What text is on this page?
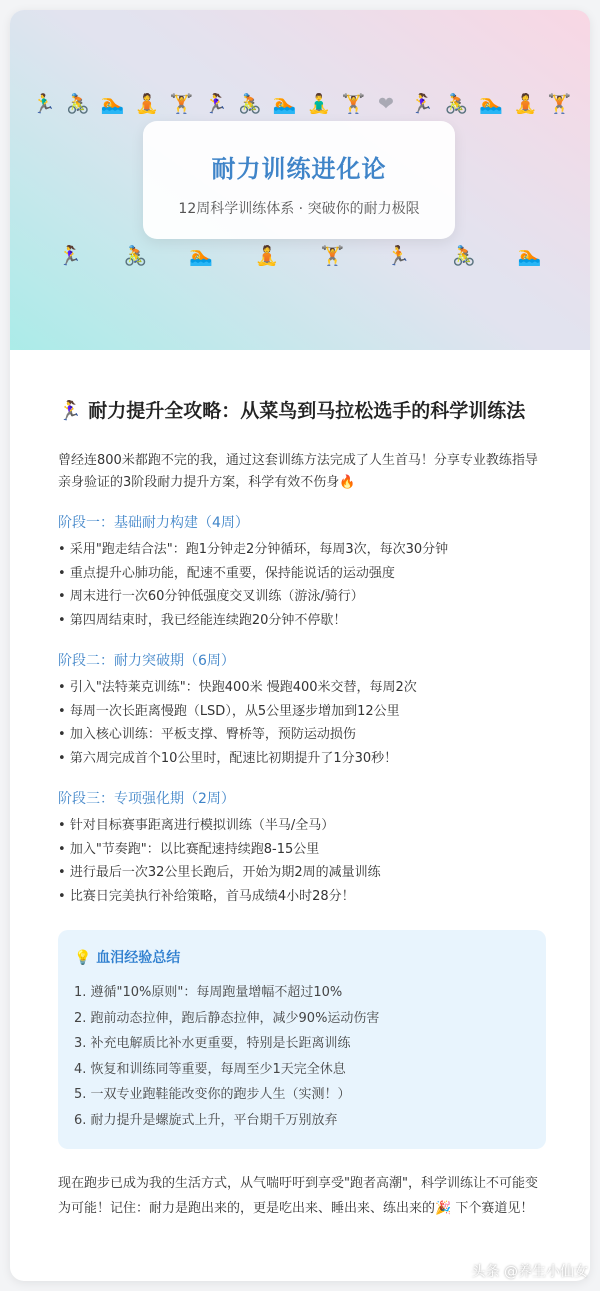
🏃‍♂️ 🚴 🏊 🧘 🏋 🏃‍♀️ 🚴 🏊 🧘‍♂️ 🏋 ❤ 🏃‍♀️ 🚴 🏊 🧘 🏋
🏃‍♀️ 🚴 🏊 🧘 🏋 🏃 🚴 🏊
耐力训练进化论
12周科学训练体系 · 突破你的耐力极限
🏃‍♀️ 耐力提升全攻略：从菜鸟到马拉松选手的科学训练法

曾经连800米都跑不完的我，通过这套训练方法完成了人生首马！分享专业教练指导 亲身验证的3阶段耐力提升方案，科学有效不伤身🔥

阶段一：基础耐力构建（4周）
• 采用"跑走结合法"：跑1分钟走2分钟循环，每周3次，每次30分钟
• 重点提升心肺功能，配速不重要，保持能说话的运动强度
• 周末进行一次60分钟低强度交叉训练（游泳/骑行）
• 第四周结束时，我已经能连续跑20分钟不停歇！
阶段二：耐力突破期（6周）
• 引入"法特莱克训练"：快跑400米 慢跑400米交替，每周2次
• 每周一次长距离慢跑（LSD），从5公里逐步增加到12公里
• 加入核心训练：平板支撑、臀桥等，预防运动损伤
• 第六周完成首个10公里时，配速比初期提升了1分30秒！
阶段三：专项强化期（2周）
• 针对目标赛事距离进行模拟训练（半马/全马）
• 加入"节奏跑"：以比赛配速持续跑8-15公里
• 进行最后一次32公里长跑后，开始为期2周的减量训练
• 比赛日完美执行补给策略，首马成绩4小时28分！
💡 血泪经验总结
1. 遵循"10%原则"：每周跑量增幅不超过10%
2. 跑前动态拉伸，跑后静态拉伸，减少90%运动伤害
3. 补充电解质比补水更重要，特别是长距离训练
4. 恢复和训练同等重要，每周至少1天完全休息
5. 一双专业跑鞋能改变你的跑步人生（实测！）
6. 耐力提升是螺旋式上升，平台期千万别放弃

现在跑步已成为我的生活方式，从气喘吁吁到享受"跑者高潮"，科学训练让不可能变为可能！记住：耐力是跑出来的，更是吃出来、睡出来、练出来的🎉 下个赛道见！

头条 @养生小仙女
